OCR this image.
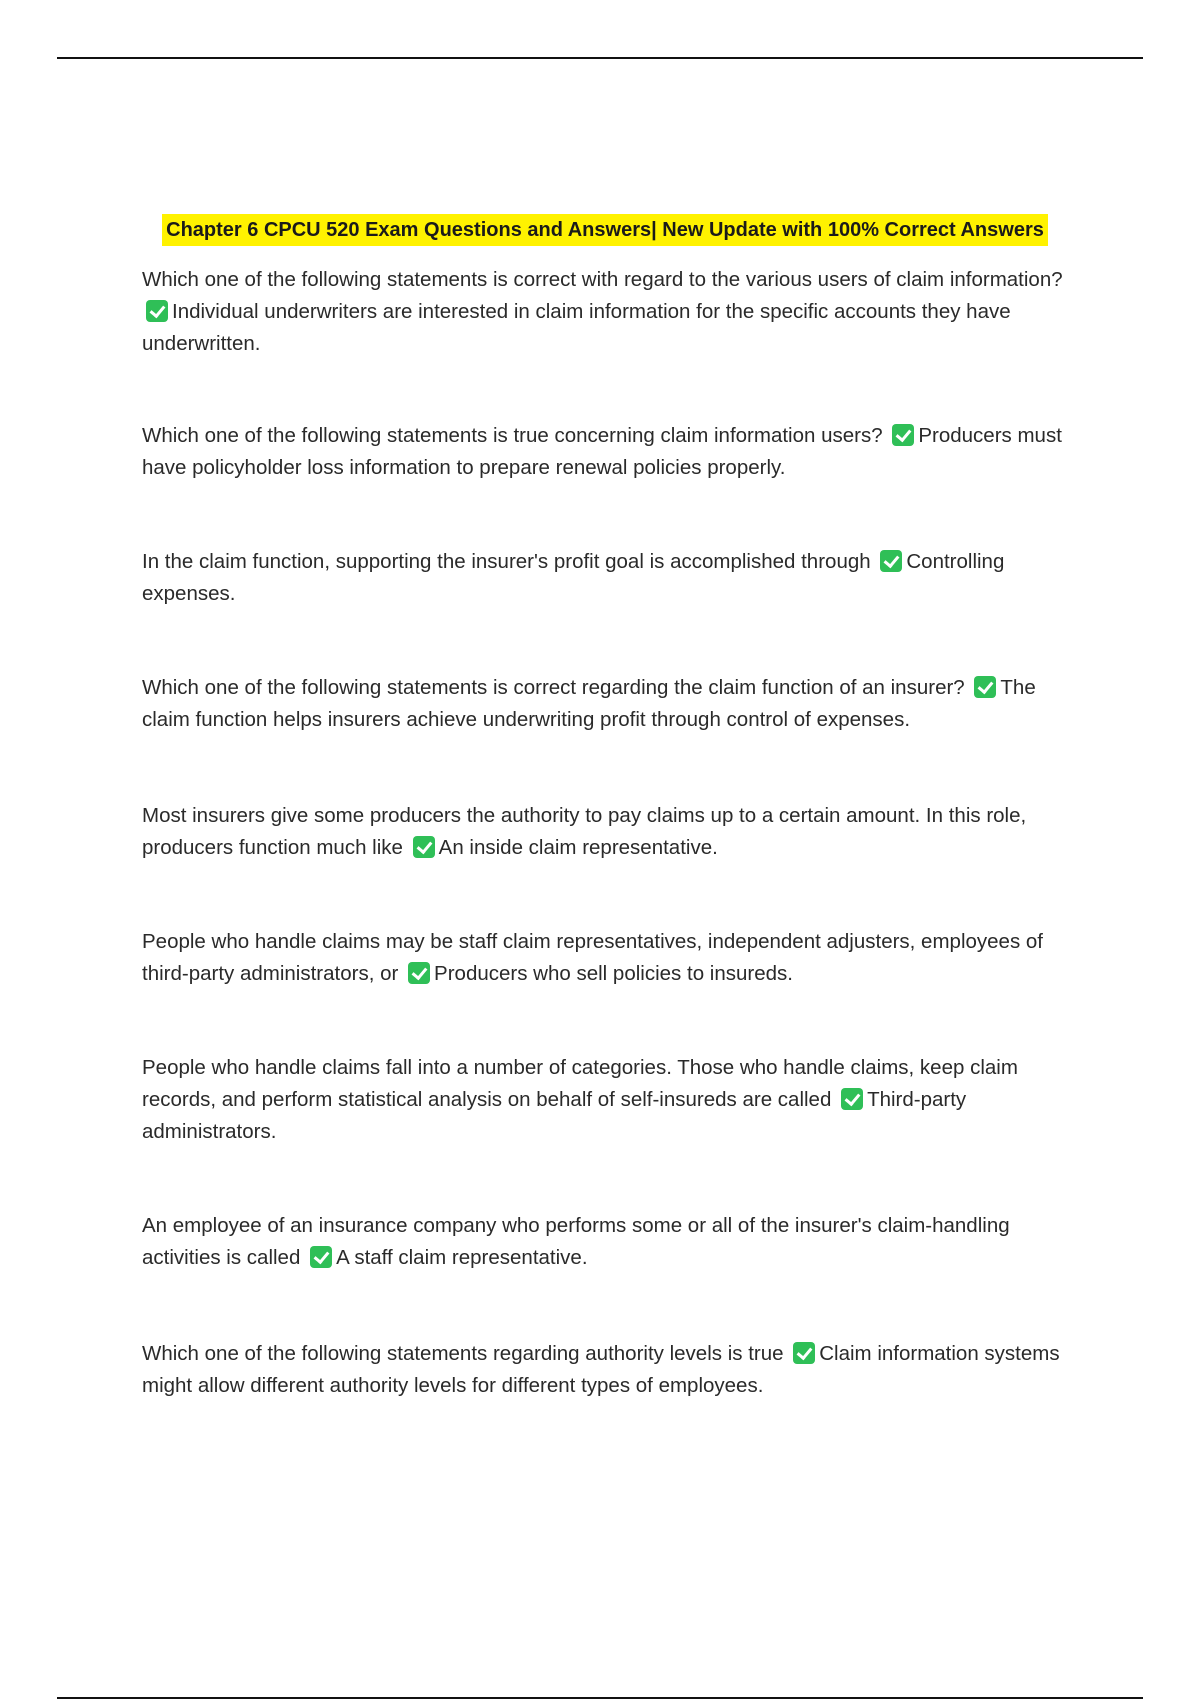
Chapter 6 CPCU 520 Exam Questions and Answers| New Update with 100% Correct Answers

Which one of the following statements is correct with regard to the various users of claim information? Individual underwriters are interested in claim information for the specific accounts they have underwritten.

Which one of the following statements is true concerning claim information users? Producers must have policyholder loss information to prepare renewal policies properly.

In the claim function, supporting the insurer's profit goal is accomplished through Controlling expenses.

Which one of the following statements is correct regarding the claim function of an insurer? The claim function helps insurers achieve underwriting profit through control of expenses.

Most insurers give some producers the authority to pay claims up to a certain amount. In this role, producers function much like An inside claim representative.

People who handle claims may be staff claim representatives, independent adjusters, employees of third-party administrators, or Producers who sell policies to insureds.

People who handle claims fall into a number of categories. Those who handle claims, keep claim records, and perform statistical analysis on behalf of self-insureds are called Third-party administrators.

An employee of an insurance company who performs some or all of the insurer's claim-handling activities is called A staff claim representative.

Which one of the following statements regarding authority levels is true Claim information systems might allow different authority levels for different types of employees.
